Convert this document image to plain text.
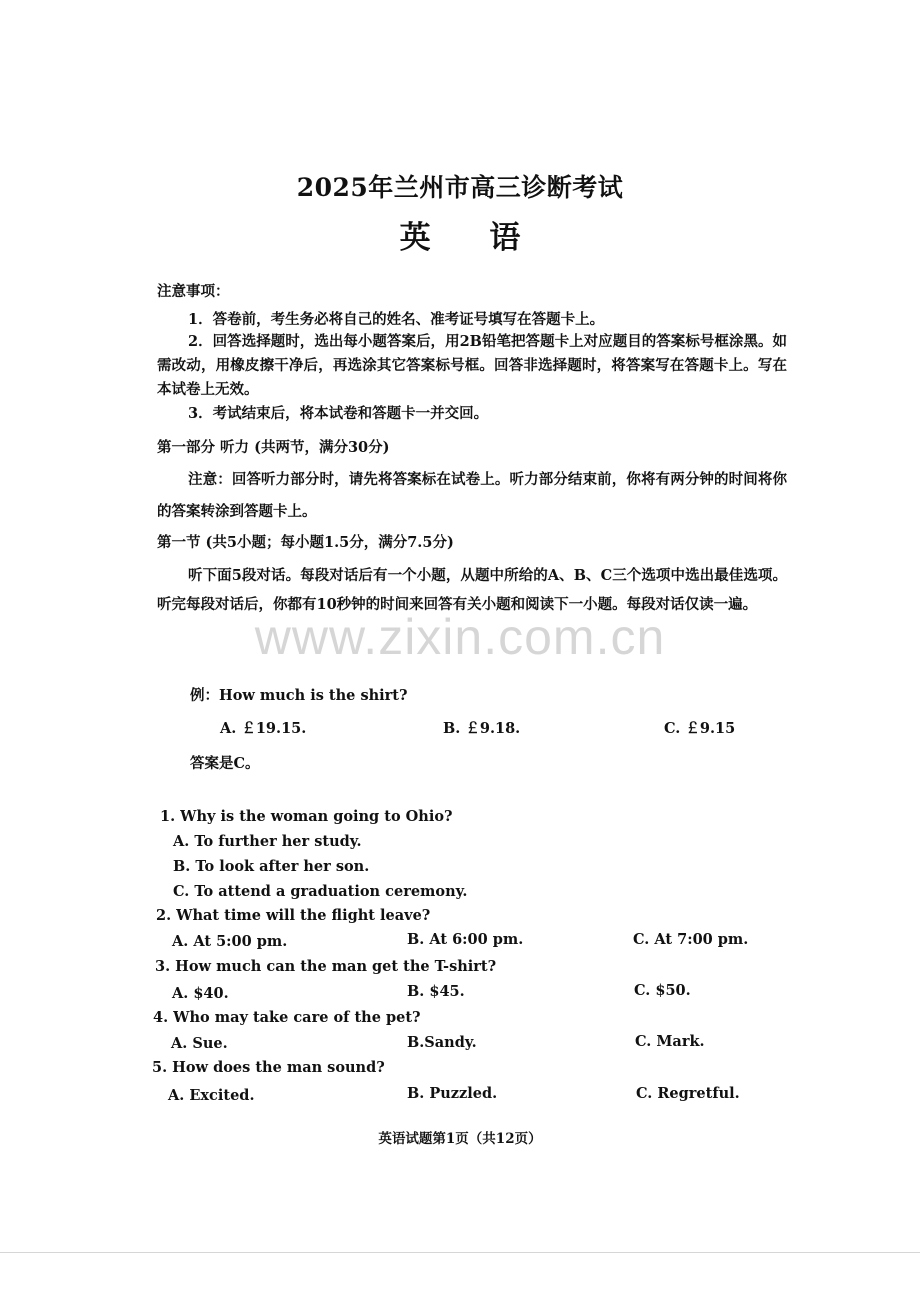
2025年兰州市高三诊断考试
英 语
注意事项：
1．答卷前，考生务必将自己的姓名、准考证号填写在答题卡上。
2．回答选择题时，选出每小题答案后，用2B铅笔把答题卡上对应题目的答案标号框涂黑。如需改动，用橡皮擦干净后，再选涂其它答案标号框。回答非选择题时，将答案写在答题卡上。写在本试卷上无效。
3．考试结束后，将本试卷和答题卡一并交回。
第一部分 听力 (共两节，满分30分)
注意：回答听力部分时，请先将答案标在试卷上。听力部分结束前，你将有两分钟的时间将你的答案转涂到答题卡上。
第一节 (共5小题；每小题1.5分，满分7.5分)
听下面5段对话。每段对话后有一个小题，从题中所给的A、B、C三个选项中选出最佳选项。听完每段对话后，你都有10秒钟的时间来回答有关小题和阅读下一小题。每段对话仅读一遍。
www.zixin.com.cn
例：How much is the shirt?
A. ￡19.15.	B. ￡9.18.	C. ￡9.15
答案是C。
1. Why is the woman going to Ohio?
A. To further her study.
B. To look after her son.
C. To attend a graduation ceremony.
2. What time will the flight leave?
A. At 5:00 pm.	B. At 6:00 pm.	C. At 7:00 pm.
3. How much can the man get the T-shirt?
A. $40.	B. $45.	C. $50.
4. Who may take care of the pet?
A. Sue.	B.Sandy.	C. Mark.
5. How does the man sound?
A. Excited.	B. Puzzled.	C. Regretful.
英语试题第1页（共12页）
